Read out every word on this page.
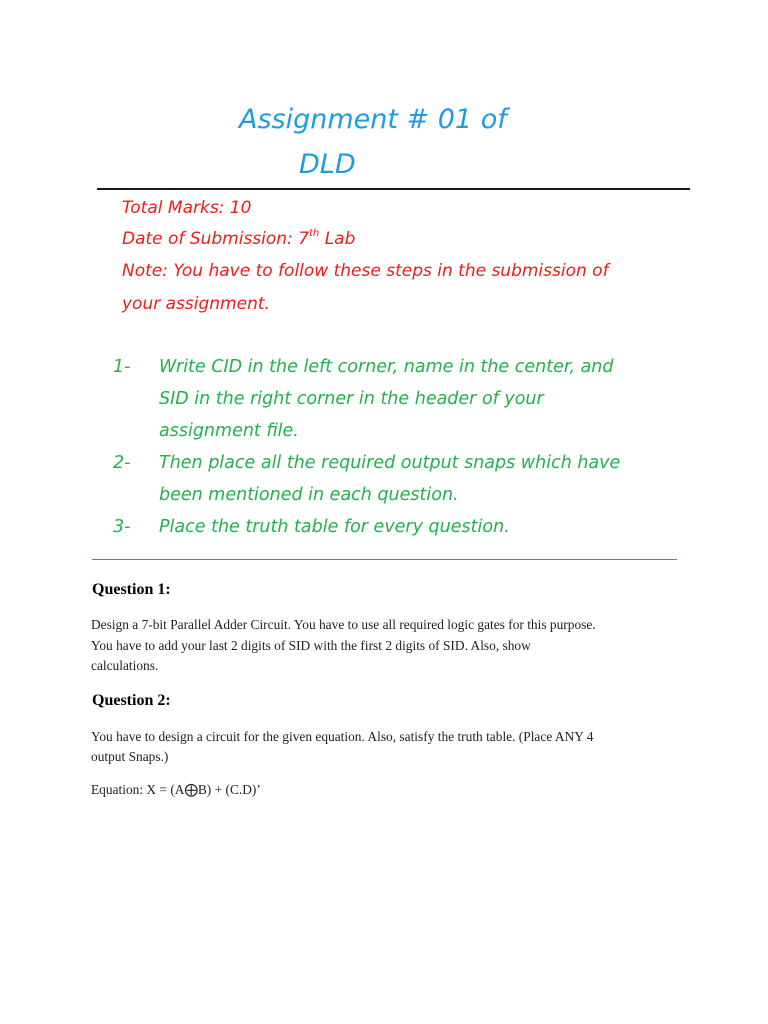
Assignment # 01 of
DLD
Total Marks: 10
Date of Submission: 7th Lab
Note: You have to follow these steps in the submission of
your assignment.
1- Write CID in the left corner, name in the center, and
SID in the right corner in the header of your
assignment file.
2- Then place all the required output snaps which have
been mentioned in each question.
3- Place the truth table for every question.
Question 1:
Design a 7-bit Parallel Adder Circuit. You have to use all required logic gates for this purpose.
You have to add your last 2 digits of SID with the first 2 digits of SID. Also, show
calculations.
Question 2:
You have to design a circuit for the given equation. Also, satisfy the truth table. (Place ANY 4
output Snaps.)
Equation: X = (A⨁B) + (C.D)’
